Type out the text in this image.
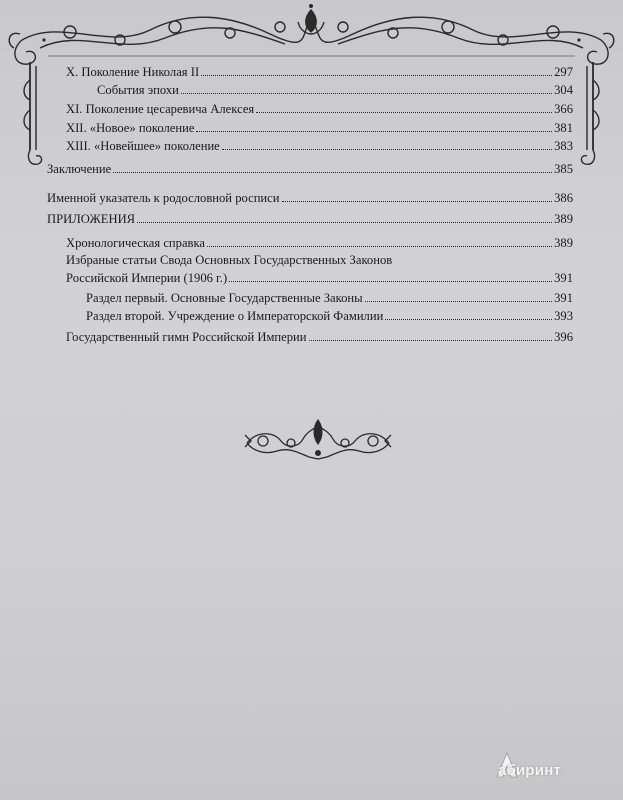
X. Поколение Николая II	297
События эпохи	304
XI. Поколение цесаревича Алексея	366
XII. «Новое» поколение	381
XIII. «Новейшее» поколение	383
Заключение	385
Именной указатель к родословной росписи	386
ПРИЛОЖЕНИЯ	389
Хронологическая справка	389
Избраные статьи Свода Основных Государственных Законов
Российской Империи (1906 г.)	391
Раздел первый. Основные Государственные Законы	391
Раздел второй. Учреждение о Императорской Фамилии	393
Государственный гимн Российской Империи	396
абиринт
